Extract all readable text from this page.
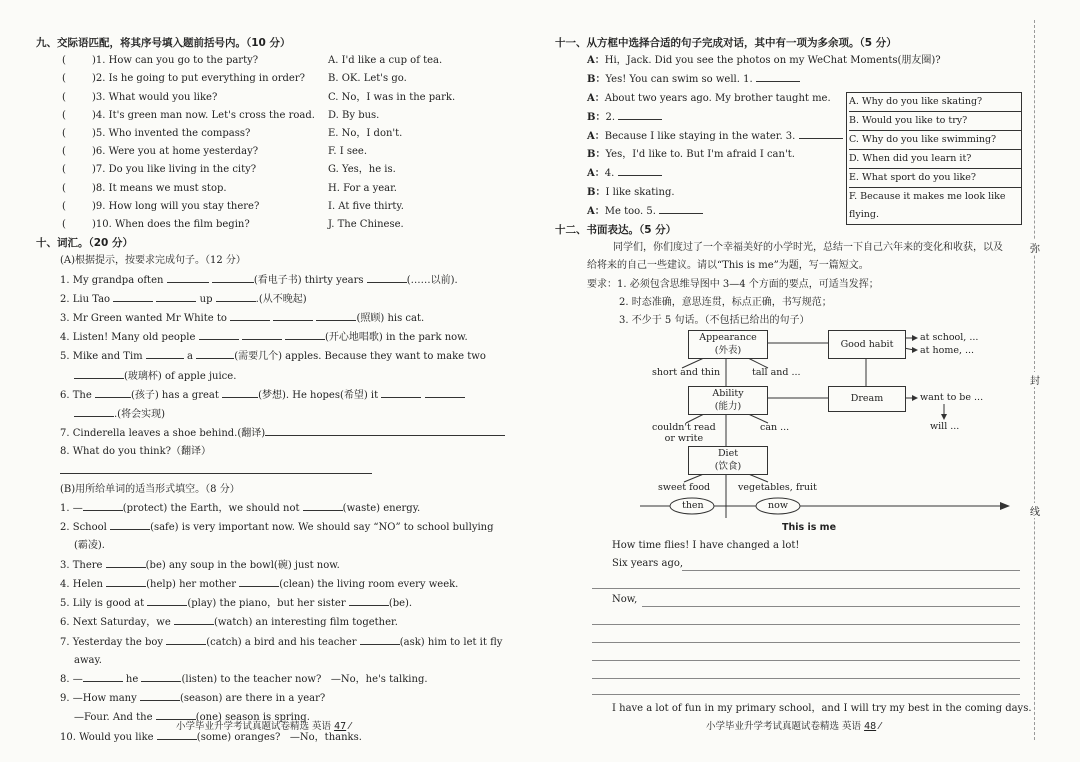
九、交际语匹配，将其序号填入题前括号内。（10 分）
(	)1. How can you go to the party?	A. I'd like a cup of tea.
(	)2. Is he going to put everything in order?	B. OK. Let's go.
(	)3. What would you like?	C. No，I was in the park.
(	)4. It's green man now. Let's cross the road.	D. By bus.
(	)5. Who invented the compass?	E. No，I don't.
(	)6. Were you at home yesterday?	F. I see.
(	)7. Do you like living in the city?	G. Yes，he is.
(	)8. It means we must stop.	H. For a year.
(	)9. How long will you stay there?	I. At five thirty.
(	)10. When does the film begin?	J. The Chinese.
十、词汇。（20 分）
(A)根据提示，按要求完成句子。（12 分）
1. My grandpa often	(看电子书) thirty years	(……以前).
2. Liu Tao	up	.(从不晚起)
3. Mr Green wanted Mr White to	(照顾) his cat.
4. Listen! Many old people	(开心地唱歌) in the park now.
5. Mike and Tim	a	(需要几个) apples. Because they want to make two
(玻璃杯) of apple juice.
6. The	(孩子) has a great	(梦想). He hopes(希望) it
.(将会实现)
7. Cinderella leaves a shoe behind.(翻译)
8. What do you think?（翻译）
(B)用所给单词的适当形式填空。（8 分）
1. —	(protect) the Earth，we should not	(waste) energy.
2. School	(safe) is very important now. We should say “NO” to school bullying
(霸凌).
3. There	(be) any soup in the bowl(碗) just now.
4. Helen	(help) her mother	(clean) the living room every week.
5. Lily is good at	(play) the piano，but her sister	(be).
6. Next Saturday，we	(watch) an interesting film together.
7. Yesterday the boy	(catch) a bird and his teacher	(ask) him to let it fly
away.
8. —	he	(listen) to the teacher now? —No，he's talking.
9. —How many	(season) are there in a year?
—Four. And the	(one) season is spring.
10. Would you like	(some) oranges? —No，thanks.
小学毕业升学考试真题试卷精选 英语 47 ⁄	小学毕业升学考试真题试卷精选 英语 48 ⁄
十一、从方框中选择合适的句子完成对话，其中有一项为多余项。（5 分）
A：Hi，Jack. Did you see the photos on my WeChat Moments(朋友圈)?
B：Yes! You can swim so well. 1.
A：About two years ago. My brother taught me.
B：2.
A：Because I like staying in the water. 3.
B：Yes，I'd like to. But I'm afraid I can't.
A：4.
B：I like skating.
A：Me too. 5.
十二、书面表达。（5 分）
同学们，你们度过了一个幸福美好的小学时光，总结一下自己六年来的变化和收获，以及
给将来的自己一些建议。请以“This is me”为题，写一篇短文。
要求：1. 必须包含思维导图中 3—4 个方面的要点，可适当发挥；
2. 时态准确，意思连贯，标点正确，书写规范；
3. 不少于 5 句话。（不包括已给出的句子）
A. Why do you like skating?
B. Would you like to try?
C. Why do you like swimming?
D. When did you learn it?
E. What sport do you like?
F. Because it makes me look like flying.
Appearance
(外表)
Ability
(能力)
Diet
(饮食)
Good habit
Dream
short and thin	tall and ...
couldn't read
or write
can ...
sweet food	vegetables, fruit
then	now
at school, ...
at home, ...
want to be ...
will ...
This is me
How time flies! I have changed a lot!
Six years ago,
Now,
I have a lot of fun in my primary school，and I will try my best in the coming days.
弥
封
线
